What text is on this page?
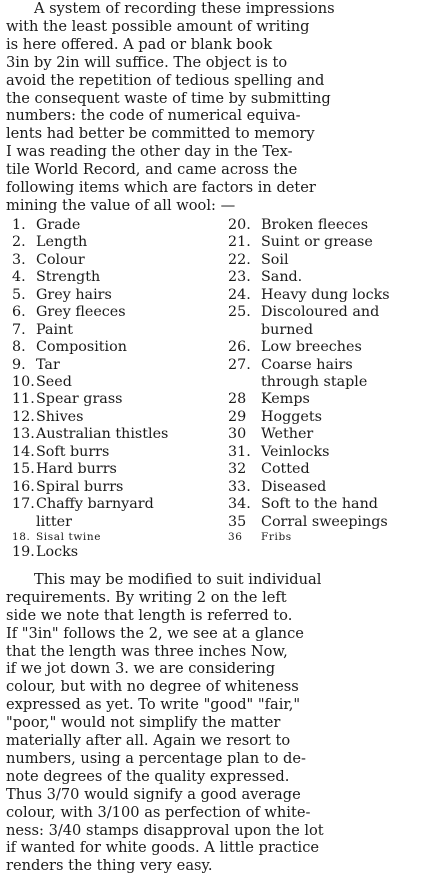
A system of recording these impressions
with the least possible amount of writing
is here offered. A pad or blank book
3in by 2in will suffice. The object is to
avoid the repetition of tedious spelling and
the consequent waste of time by submitting
numbers: the code of numerical equiva-
lents had better be committed to memory
I was reading the other day in the Tex-
tile World Record, and came across the
following items which are factors in deter
mining the value of all wool: —
1. Grade
2. Length
3. Colour
4. Strength
5. Grey hairs
6. Grey fleeces
7. Paint
8. Composition
9. Tar
10. Seed
11. Spear grass
12. Shives
13. Australian thistles
14. Soft burrs
15. Hard burrs
16. Spiral burrs
17. Chaffy barnyard
litter
18. Sisal twine
19. Locks
20. Broken fleeces
21. Suint or grease
22. Soil
23. Sand.
24. Heavy dung locks
25. Discoloured and
burned
26. Low breeches
27. Coarse hairs
through staple
28	Kemps
29	Hoggets
30	Wether
31. Veinlocks
32	Cotted
33. Diseased
34. Soft to the hand
35	Corral sweepings
36	Fribs
This may be modified to suit individual
requirements. By writing 2 on the left
side we note that length is referred to.
If "3in" follows the 2, we see at a glance
that the length was three inches Now,
if we jot down 3. we are considering
colour, but with no degree of whiteness
expressed as yet. To write "good" "fair,"
"poor," would not simplify the matter
materially after all. Again we resort to
numbers, using a percentage plan to de-
note degrees of the quality expressed.
Thus 3/70 would signify a good average
colour, with 3/100 as perfection of white-
ness: 3/40 stamps disapproval upon the lot
if wanted for white goods. A little practice
renders the thing very easy.
